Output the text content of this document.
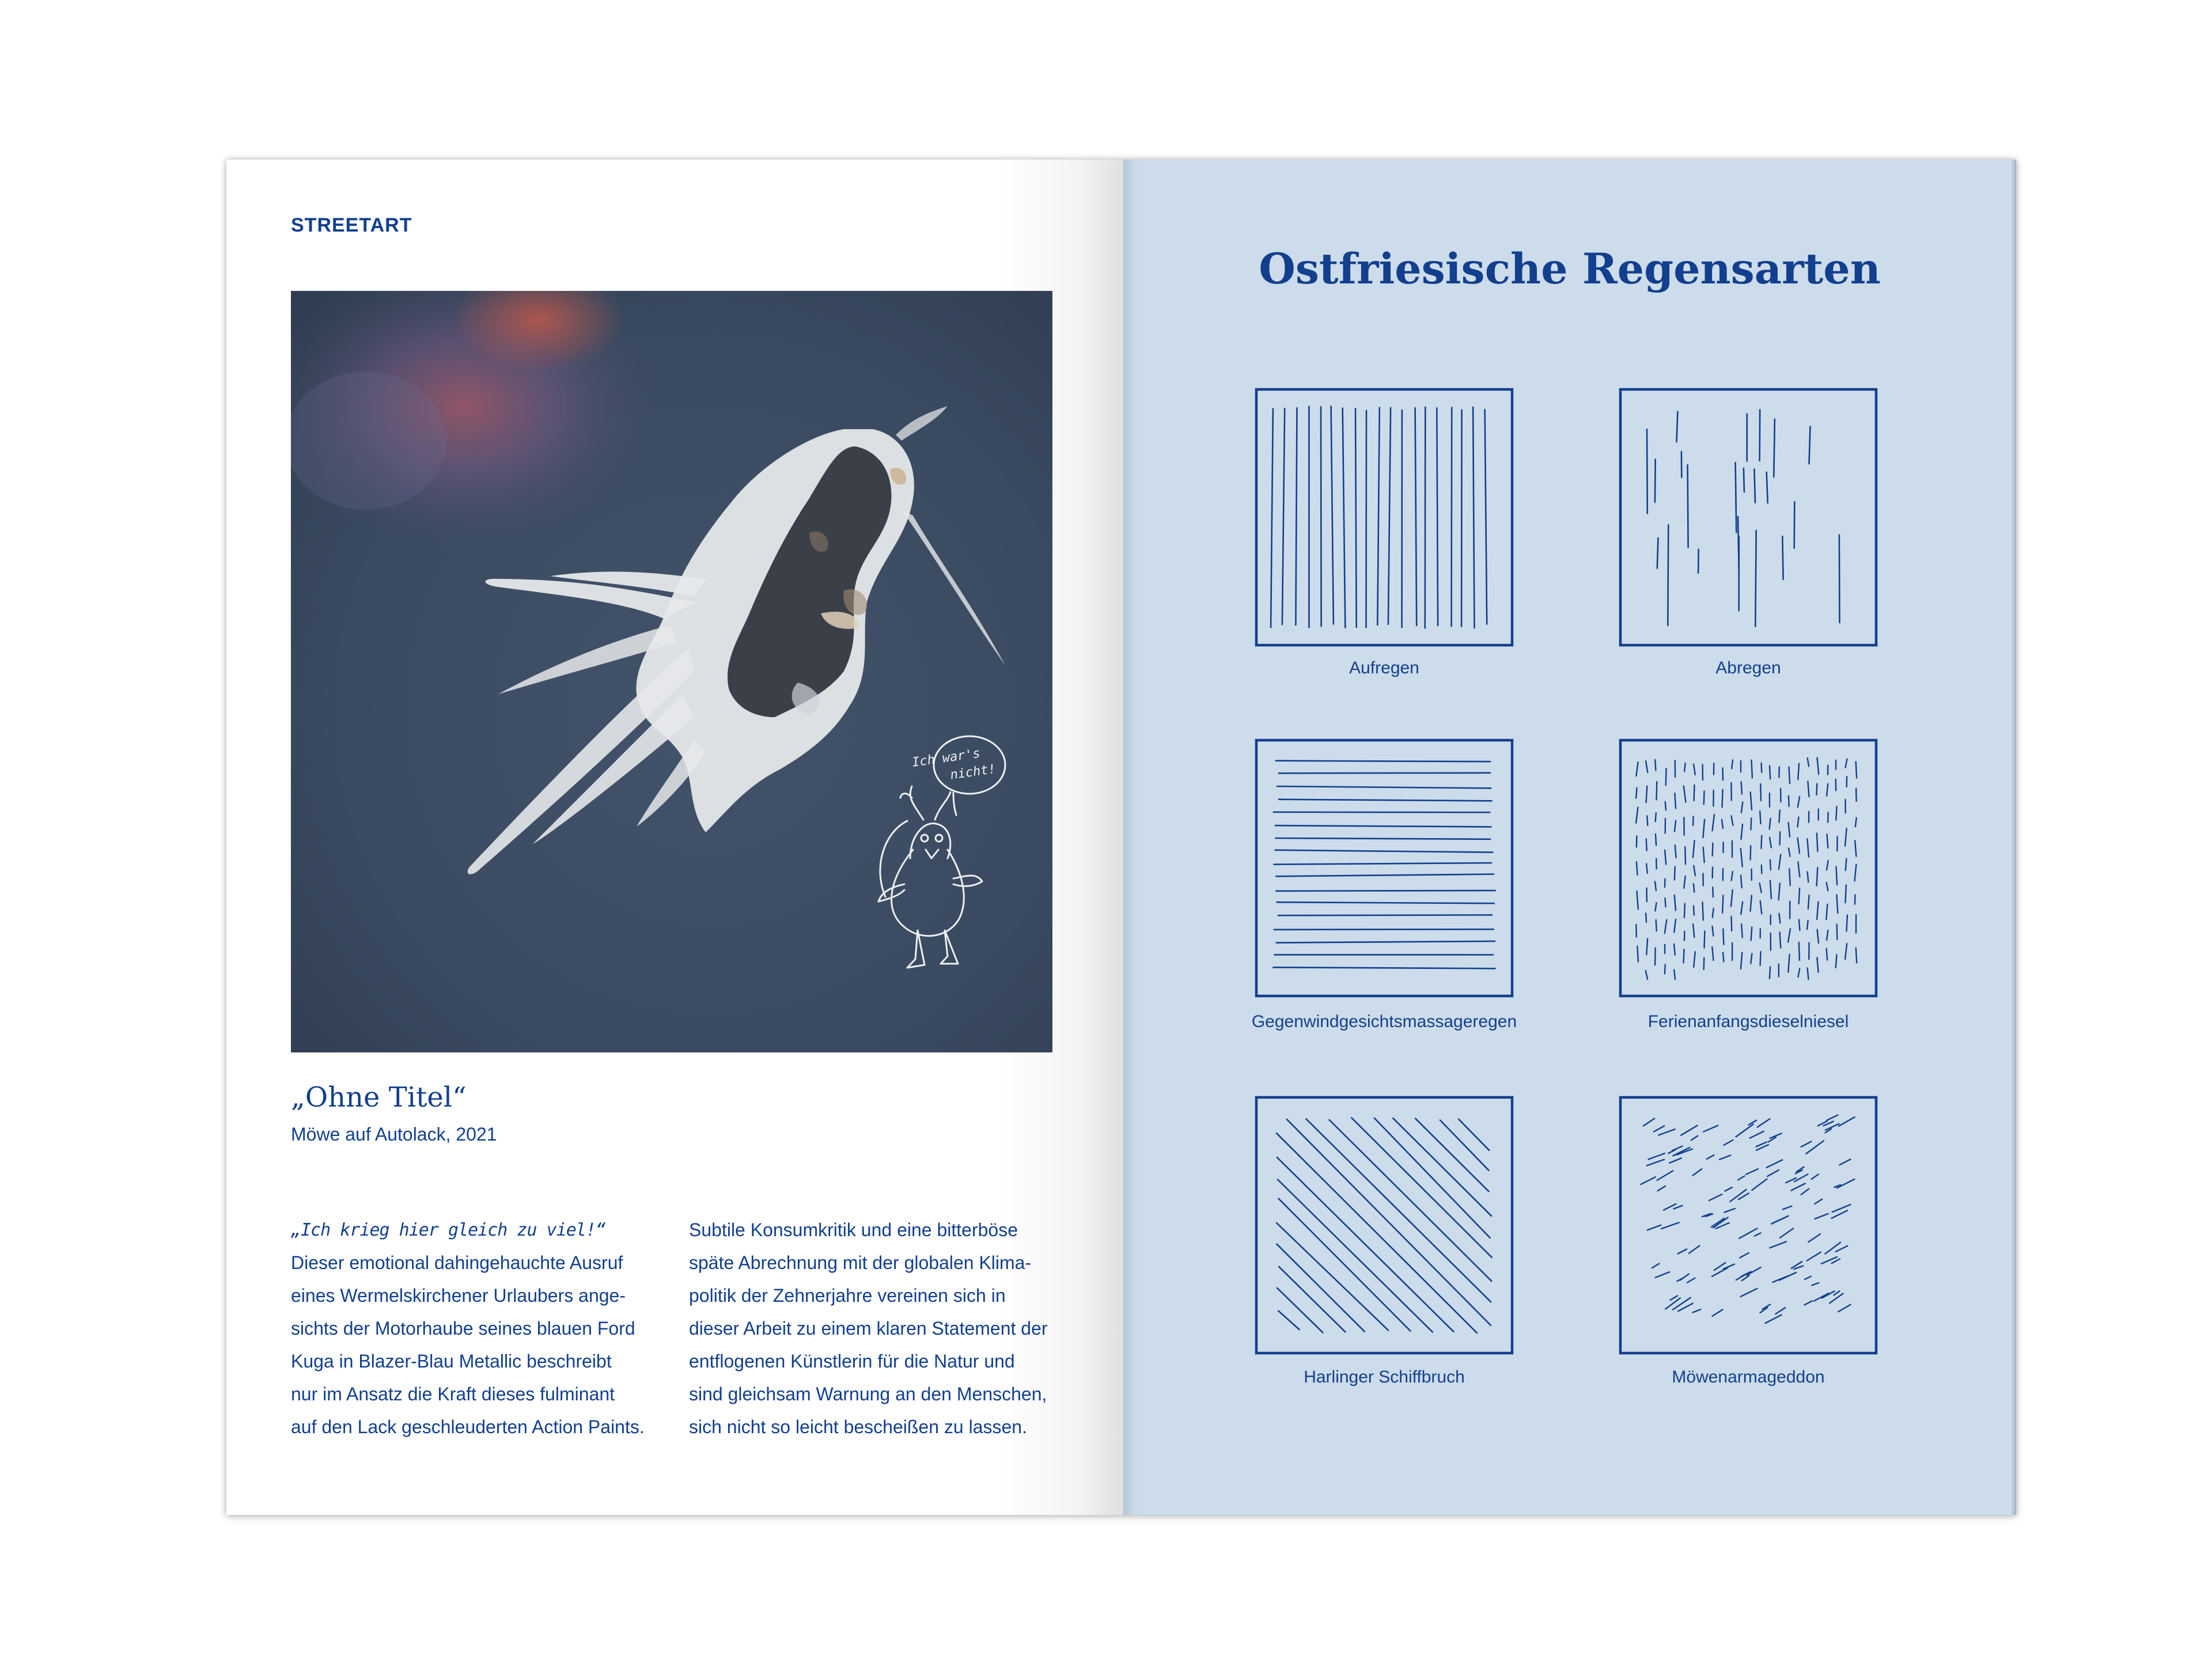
STREETART
Ich war's
nicht!
„Ohne Titel“
Möwe auf Autolack, 2021
„Ich krieg hier gleich zu viel!“
Dieser emotional dahingehauchte Ausruf
eines Wermelskirchener Urlaubers ange-
sichts der Motorhaube seines blauen Ford
Kuga in Blazer-Blau Metallic beschreibt
nur im Ansatz die Kraft dieses fulminant
auf den Lack geschleuderten Action Paints.
Subtile Konsumkritik und eine bitterböse
späte Abrechnung mit der globalen Klima-
politik der Zehnerjahre vereinen sich in
dieser Arbeit zu einem klaren Statement der
entflogenen Künstlerin für die Natur und
sind gleichsam Warnung an den Menschen,
sich nicht so leicht bescheißen zu lassen.
Ostfriesische Regensarten
Aufregen	Abregen
Gegenwindgesichtsmassageregen	Ferienanfangsdieselniesel
Harlinger Schiffbruch	Möwenarmageddon
